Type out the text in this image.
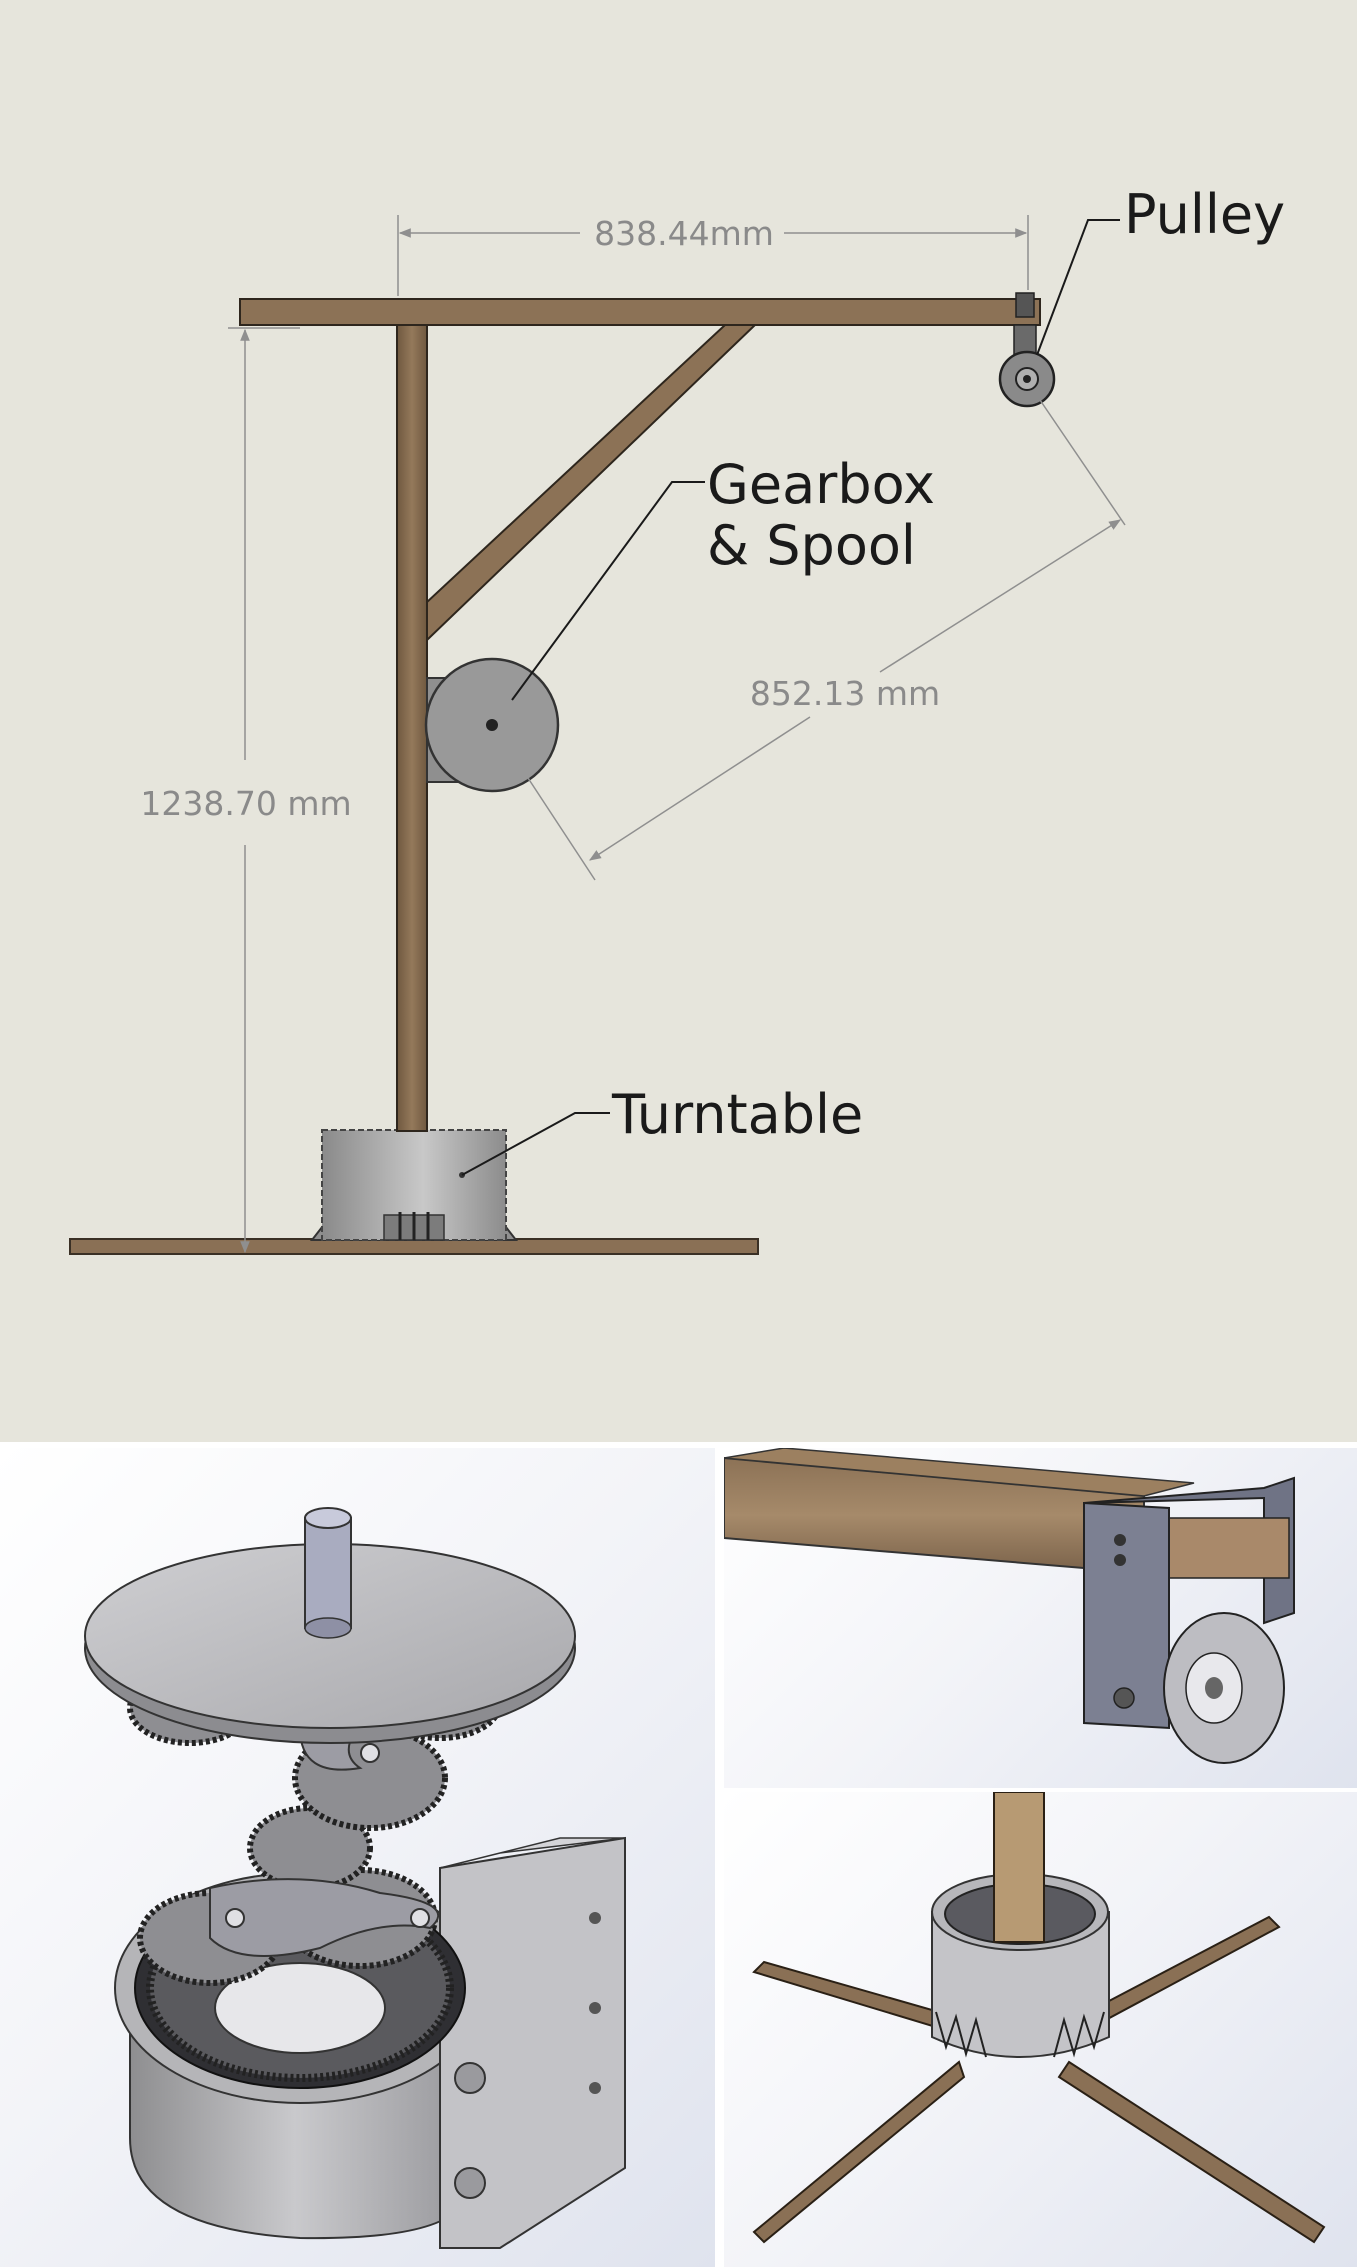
838.44mm
1238.70 mm
852.13 mm
Pulley
Gearbox
& Spool
Turntable
